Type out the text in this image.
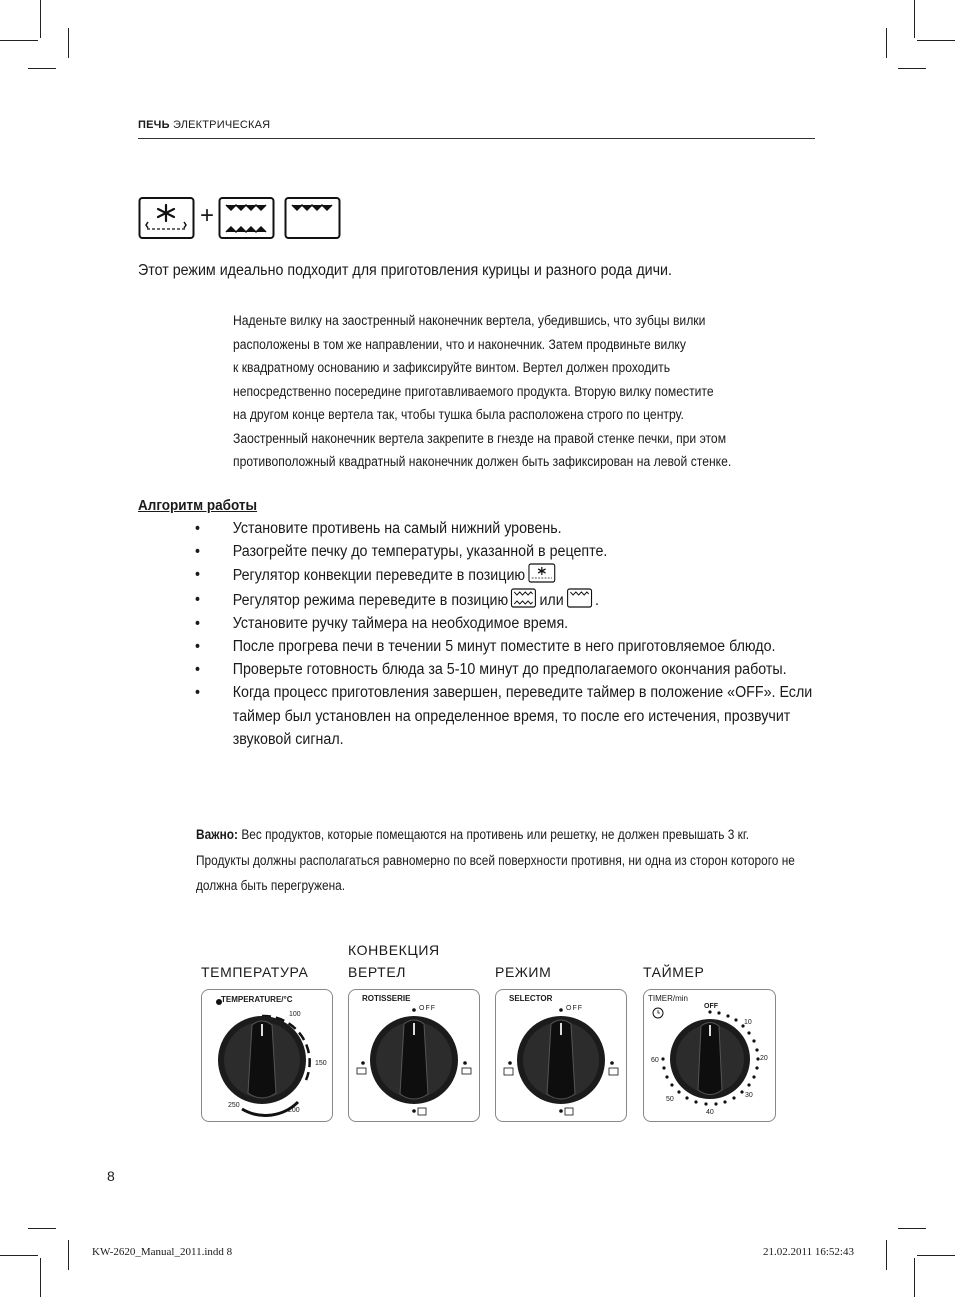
ПЕЧЬ ЭЛЕКТРИЧЕСКАЯ
+
Этот режим идеально подходит для приготовления курицы и разного рода дичи.
Наденьте вилку на заостренный наконечник вертела, убедившись, что зубцы вилки
расположены в том же направлении, что и наконечник. Затем продвиньте вилку
к квадратному основанию и зафиксируйте винтом. Вертел должен проходить
непосредственно посередине приготавливаемого продукта. Вторую вилку поместите
на другом конце вертела так, чтобы тушка была расположена строго по центру.
Заостренный наконечник вертела закрепите в гнезде на правой стенке печки, при этом
противоположный квадратный наконечник должен быть зафиксирован на левой стенке.
Алгоритм работы
• Установите противень на самый нижний уровень.
• Разогрейте печку до температуры, указанной в рецепте.
• Регулятор конвекции переведите в позицию
• Регулятор режима переведите в позицию или .
• Установите ручку таймера на необходимое время.
• После прогрева печи в течении 5 минут поместите в него приготовляемое блюдо.
• Проверьте готовность блюда за 5-10 минут до предполагаемого окончания работы.
• Когда процесс приготовления завершен, переведите таймер в положение «OFF». Если таймер был установлен на определенное время, то после его истечения, прозвучит звуковой сигнал.
Важно: Вес продуктов, которые помещаются на противень или решетку, не должен превышать 3 кг. Продукты должны располагаться равномерно по всей поверхности противня, ни одна из сторон которого не должна быть перегружена.
ТЕМПЕРАТУРА
КОНВЕКЦИЯ
ВЕРТЕЛ	РЕЖИМ	ТАЙМЕР
TEMPERATURE/°C
100
150
200
250
ROTISSERIE
OFF
SELECTOR
OFF
TIMER/min
OFF
10
20
30
40
50
60
8
KW-2620_Manual_2011.indd 8	21.02.2011 16:52:43
